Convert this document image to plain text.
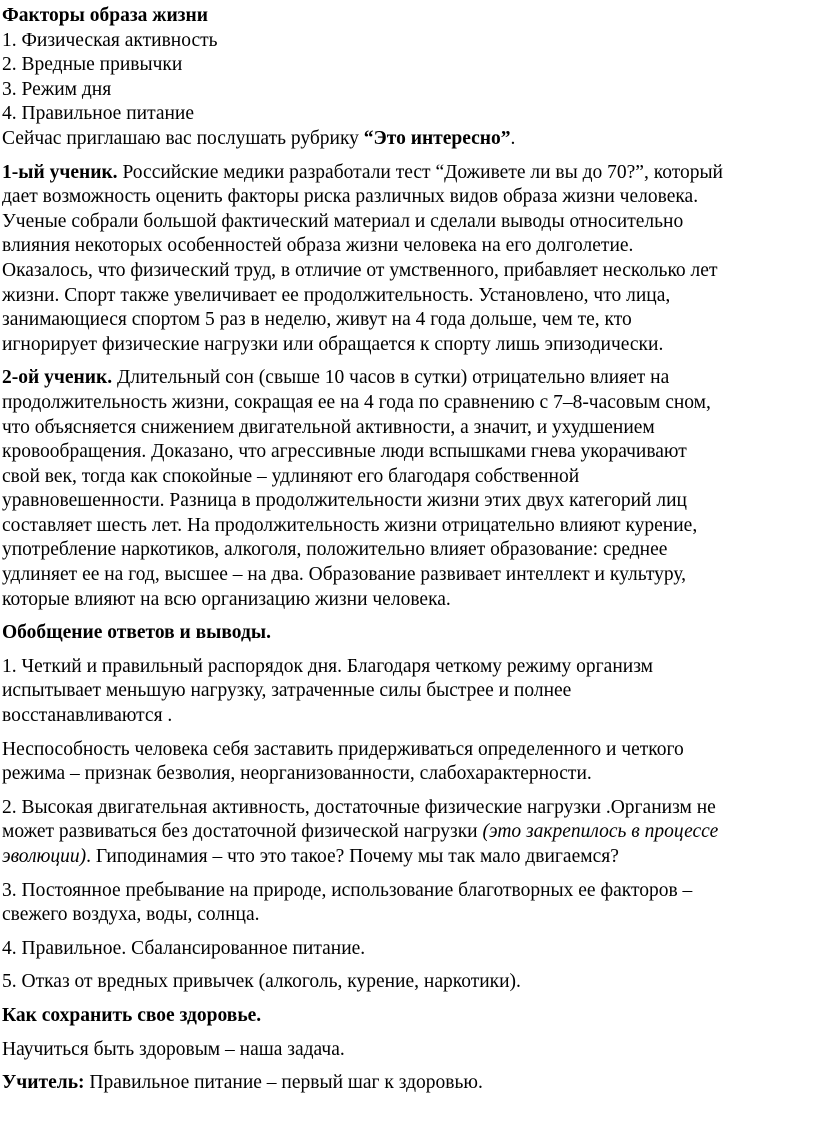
Факторы образа жизни
1. Физическая активность
2. Вредные привычки
3. Режим дня
4. Правильное питание
Сейчас приглашаю вас послушать рубрику “Это интересно”.
1-ый ученик. Российские медики разработали тест “Доживете ли вы до 70?”, который
дает возможность оценить факторы риска различных видов образа жизни человека.
Ученые собрали большой фактический материал и сделали выводы относительно
влияния некоторых особенностей образа жизни человека на его долголетие.
Оказалось, что физический труд, в отличие от умственного, прибавляет несколько лет
жизни. Спорт также увеличивает ее продолжительность. Установлено, что лица,
занимающиеся спортом 5 раз в неделю, живут на 4 года дольше, чем те, кто
игнорирует физические нагрузки или обращается к спорту лишь эпизодически.
2-ой ученик. Длительный сон (свыше 10 часов в сутки) отрицательно влияет на
продолжительность жизни, сокращая ее на 4 года по сравнению с 7–8-часовым сном,
что объясняется снижением двигательной активности, а значит, и ухудшением
кровообращения. Доказано, что агрессивные люди вспышками гнева укорачивают
свой век, тогда как спокойные – удлиняют его благодаря собственной
уравновешенности. Разница в продолжительности жизни этих двух категорий лиц
составляет шесть лет. На продолжительность жизни отрицательно влияют курение,
употребление наркотиков, алкоголя, положительно влияет образование: среднее
удлиняет ее на год, высшее – на два. Образование развивает интеллект и культуру,
которые влияют на всю организацию жизни человека.
Обобщение ответов и выводы.
1. Четкий и правильный распорядок дня. Благодаря четкому режиму организм
испытывает меньшую нагрузку, затраченные силы быстрее и полнее
восстанавливаются .
Неспособность человека себя заставить придерживаться определенного и четкого
режима – признак безволия, неорганизованности, слабохарактерности.
2. Высокая двигательная активность, достаточные физические нагрузки .Организм не
может развиваться без достаточной физической нагрузки (это закрепилось в процессе
эволюции). Гиподинамия – что это такое? Почему мы так мало двигаемся?
3. Постоянное пребывание на природе, использование благотворных ее факторов –
свежего воздуха, воды, солнца.
4. Правильное. Сбалансированное питание.
5. Отказ от вредных привычек (алкоголь, курение, наркотики).
Как сохранить свое здоровье.
Научиться быть здоровым – наша задача.
Учитель: Правильное питание – первый шаг к здоровью.
